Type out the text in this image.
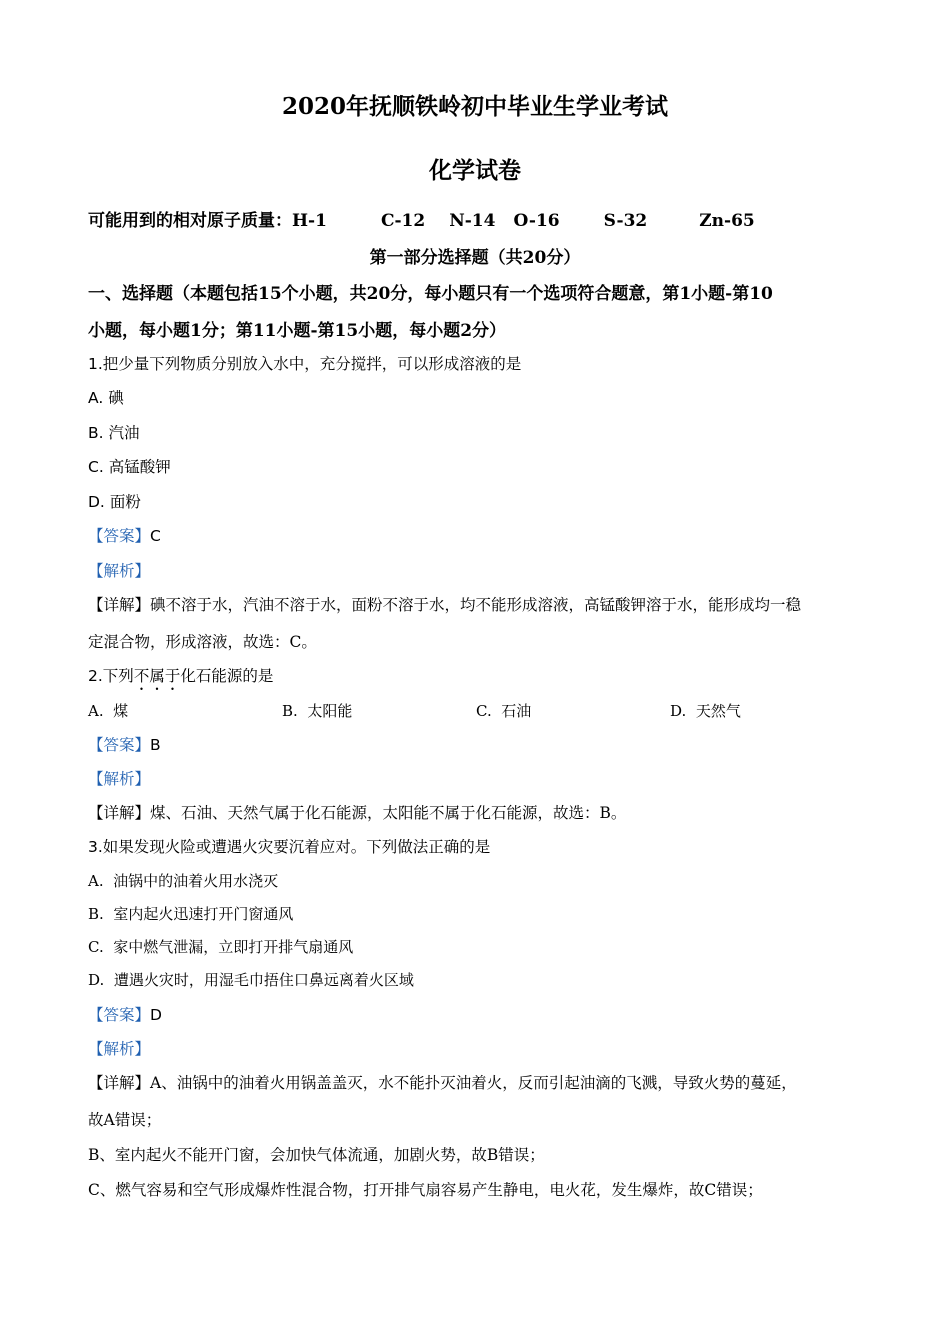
2020年抚顺铁岭初中毕业生学业考试
化学试卷
可能用到的相对原子质量：H-1	C-12 N-14 O-16	S-32	Zn-65
第一部分选择题（共20分）
一、选择题（本题包括15个小题，共20分，每小题只有一个选项符合题意，第1小题-第10
小题，每小题1分；第11小题-第15小题，每小题2分）
1.把少量下列物质分别放入水中，充分搅拌，可以形成溶液的是
A. 碘
B. 汽油
C. 高锰酸钾
D. 面粉
【答案】C
【解析】
【详解】碘不溶于水，汽油不溶于水，面粉不溶于水，均不能形成溶液，高锰酸钾溶于水，能形成均一稳
定混合物，形成溶液，故选：C。
2.下列不属于化石能源的是
A. 煤	B. 太阳能	C. 石油	D. 天然气
【答案】B
【解析】
【详解】煤、石油、天然气属于化石能源，太阳能不属于化石能源，故选：B。
3.如果发现火险或遭遇火灾要沉着应对。下列做法正确的是
A. 油锅中的油着火用水浇灭
B. 室内起火迅速打开门窗通风
C. 家中燃气泄漏，立即打开排气扇通风
D. 遭遇火灾时，用湿毛巾捂住口鼻远离着火区域
【答案】D
【解析】
【详解】A、油锅中的油着火用锅盖盖灭，水不能扑灭油着火，反而引起油滴的飞溅，导致火势的蔓延，
故A错误；
B、室内起火不能开门窗，会加快气体流通，加剧火势，故B错误；
C、燃气容易和空气形成爆炸性混合物，打开排气扇容易产生静电，电火花，发生爆炸，故C错误；
